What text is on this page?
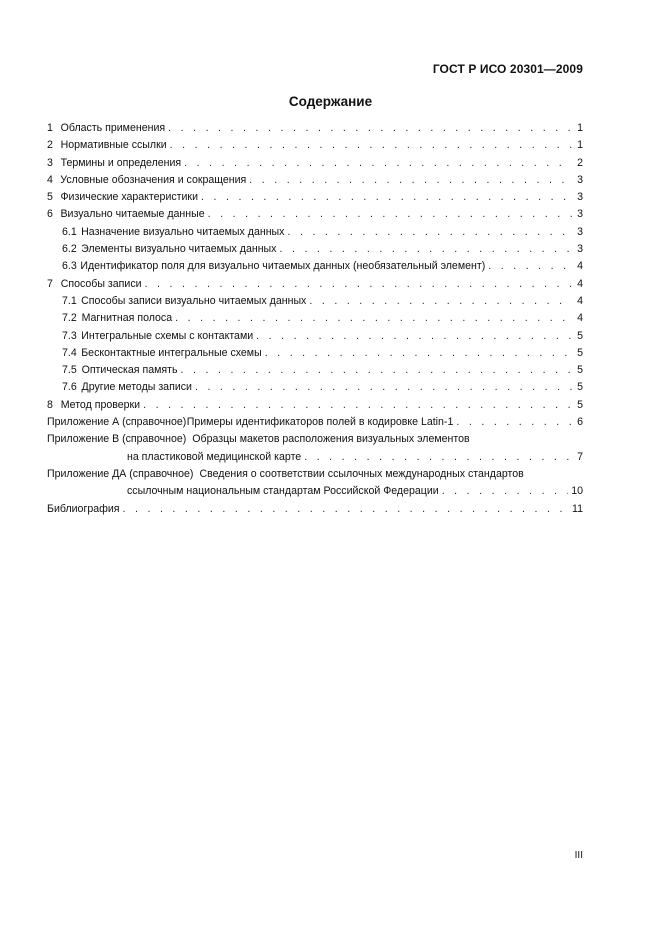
ГОСТ Р ИСО 20301—2009
Содержание
1 Область применения . . .	1
2 Нормативные ссылки . . .	1
3 Термины и определения . . .	2
4 Условные обозначения и сокращения . . .	3
5 Физические характеристики . . .	3
6 Визуально читаемые данные . . .	3
6.1 Назначение визуально читаемых данных . . .	3
6.2 Элементы визуально читаемых данных . . .	3
6.3 Идентификатор поля для визуально читаемых данных (необязательный элемент) . . .	4
7 Способы записи . . .	4
7.1 Способы записи визуально читаемых данных . . .	4
7.2 Магнитная полоса . . .	4
7.3 Интегральные схемы с контактами . . .	5
7.4 Бесконтактные интегральные схемы . . .	5
7.5 Оптическая память . . .	5
7.6 Другие методы записи . . .	5
8 Метод проверки . . .	5
Приложение А (справочное) Примеры идентификаторов полей в кодировке Latin-1 . . .	6
Приложение В (справочное) Образцы макетов расположения визуальных элементов
на пластиковой медицинской карте . . .	7
Приложение ДА (справочное) Сведения о соответствии ссылочных международных стандартов
ссылочным национальным стандартам Российской Федерации . . .	10
Библиография . . .	11
III
